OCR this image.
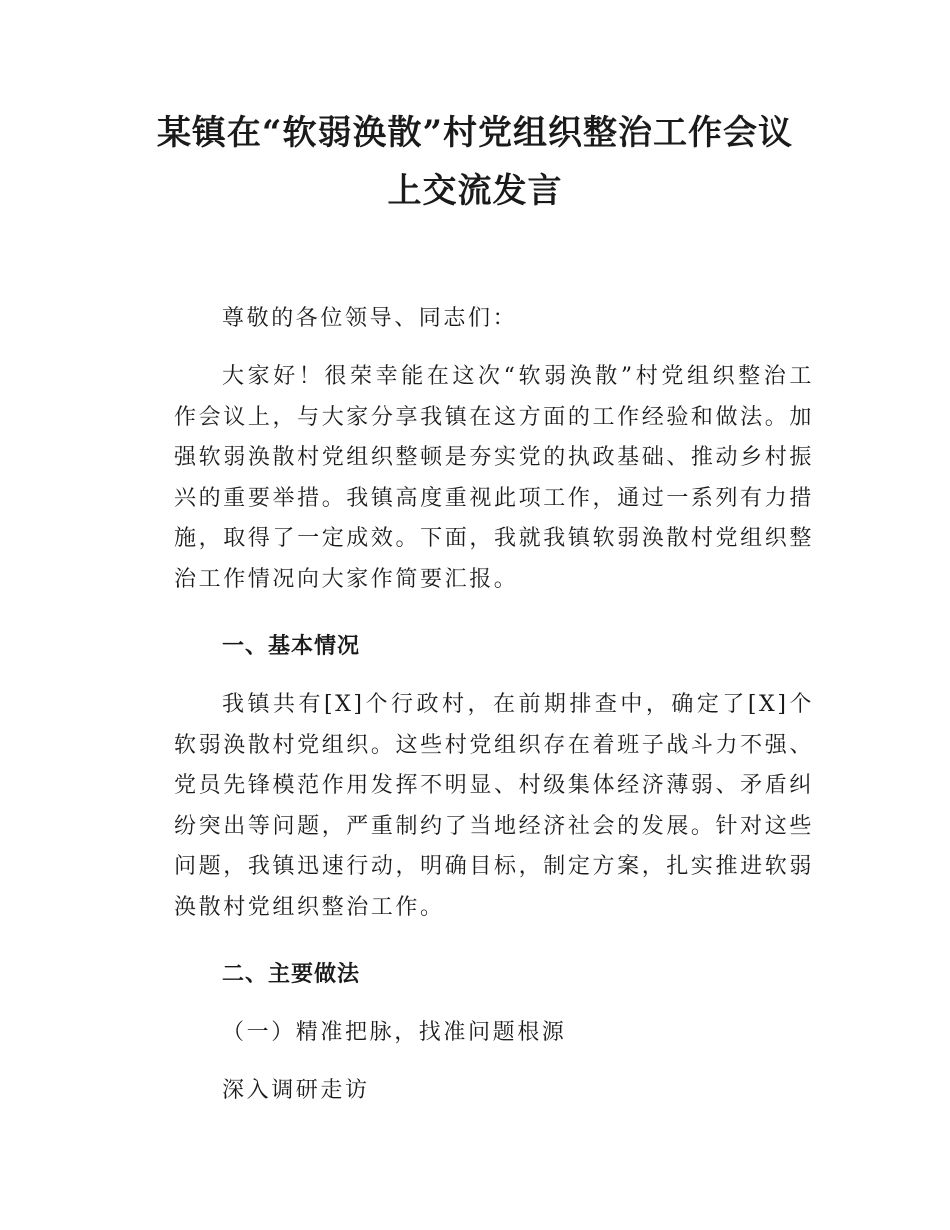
某镇在“软弱涣散”村党组织整治工作会议
上交流发言
尊敬的各位领导、同志们：
大家好！很荣幸能在这次“软弱涣散”村党组织整治工作会议上，与大家分享我镇在这方面的工作经验和做法。加强软弱涣散村党组织整顿是夯实党的执政基础、推动乡村振兴的重要举措。我镇高度重视此项工作，通过一系列有力措施，取得了一定成效。下面，我就我镇软弱涣散村党组织整治工作情况向大家作简要汇报。
一、基本情况
我镇共有[X]个行政村，在前期排查中，确定了[X]个软弱涣散村党组织。这些村党组织存在着班子战斗力不强、党员先锋模范作用发挥不明显、村级集体经济薄弱、矛盾纠纷突出等问题，严重制约了当地经济社会的发展。针对这些问题，我镇迅速行动，明确目标，制定方案，扎实推进软弱涣散村党组织整治工作。
二、主要做法
（一）精准把脉，找准问题根源
深入调研走访
